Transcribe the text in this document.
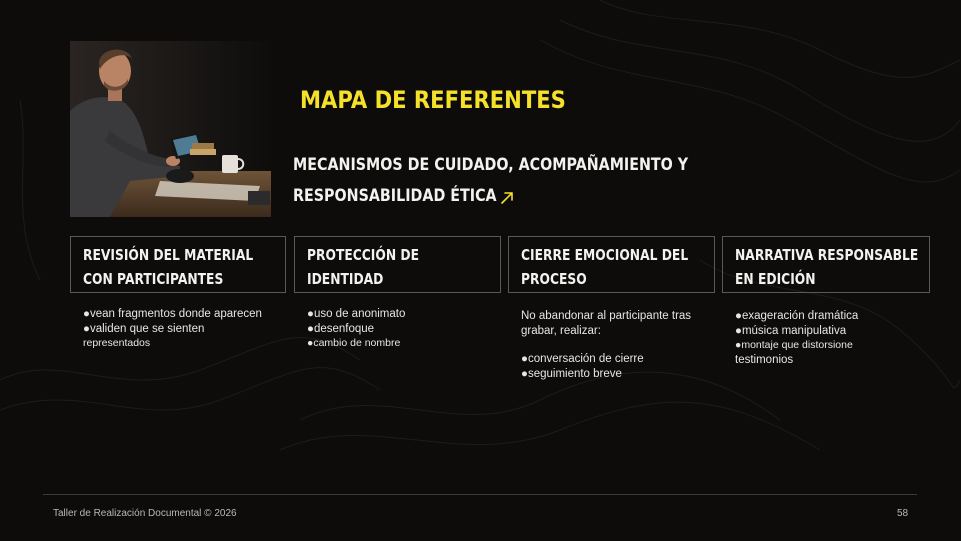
MAPA DE REFERENTES
MECANISMOS DE CUIDADO, ACOMPAÑAMIENTO Y
RESPONSABILIDAD ÉTICA
REVISIÓN DEL MATERIAL
CON PARTICIPANTES
●vean fragmentos donde aparecen
●validen que se sienten
representados
PROTECCIÓN DE
IDENTIDAD
●uso de anonimato
●desenfoque
●cambio de nombre
CIERRE EMOCIONAL DEL
PROCESO
No abandonar al participante tras
grabar, realizar:
●conversación de cierre
●seguimiento breve
NARRATIVA RESPONSABLE
EN EDICIÓN
●exageración dramática
●música manipulativa
●montaje que distorsione
testimonios
Taller de Realización Documental © 2026	58
